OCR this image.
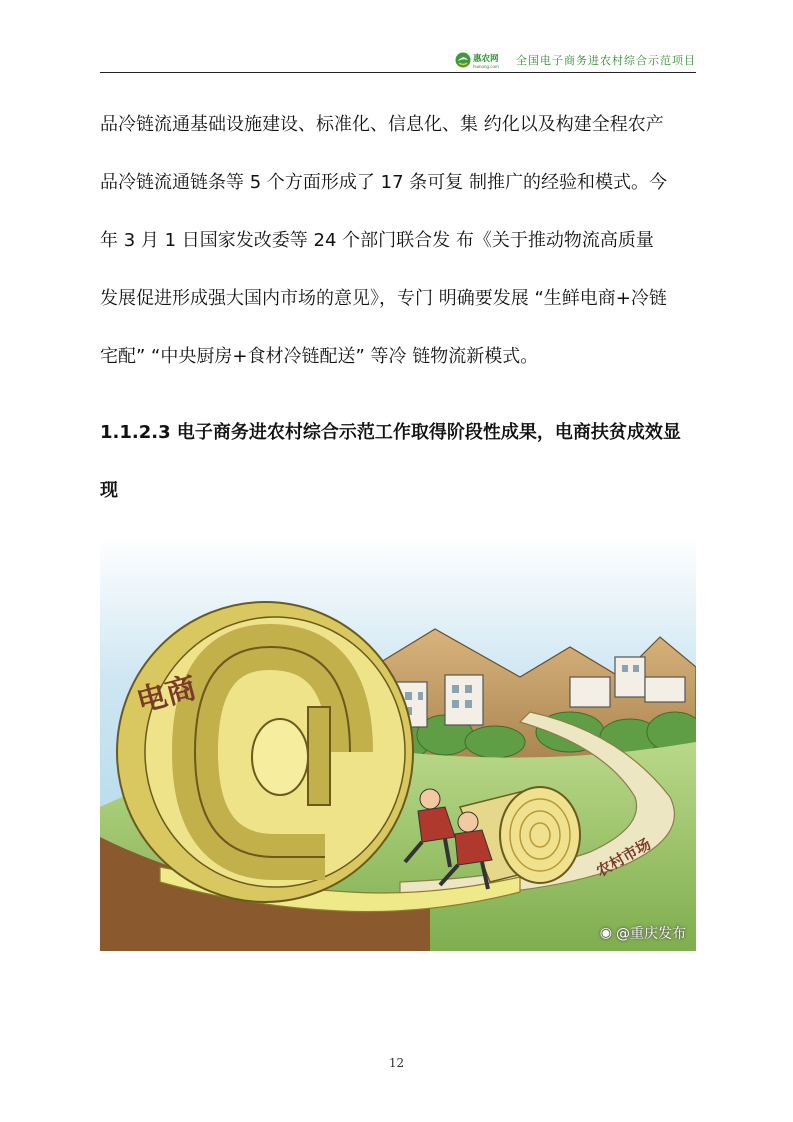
惠农网
huinong.com 全国电子商务进农村综合示范项目
品冷链流通基础设施建设、标准化、信息化、集 约化以及构建全程农产
品冷链流通链条等 5 个方面形成了 17 条可复 制推广的经验和模式。今
年 3 月 1 日国家发改委等 24 个部门联合发 布《关于推动物流高质量
发展促进形成强大国内市场的意见》，专门 明确要发展 “生鲜电商+冷链
宅配” “中央厨房+食材冷链配送” 等冷 链物流新模式。
1.1.2.3 电子商务进农村综合示范工作取得阶段性成果，电商扶贫成效显
现
电商
农村市场
◉ @重庆发布
12
